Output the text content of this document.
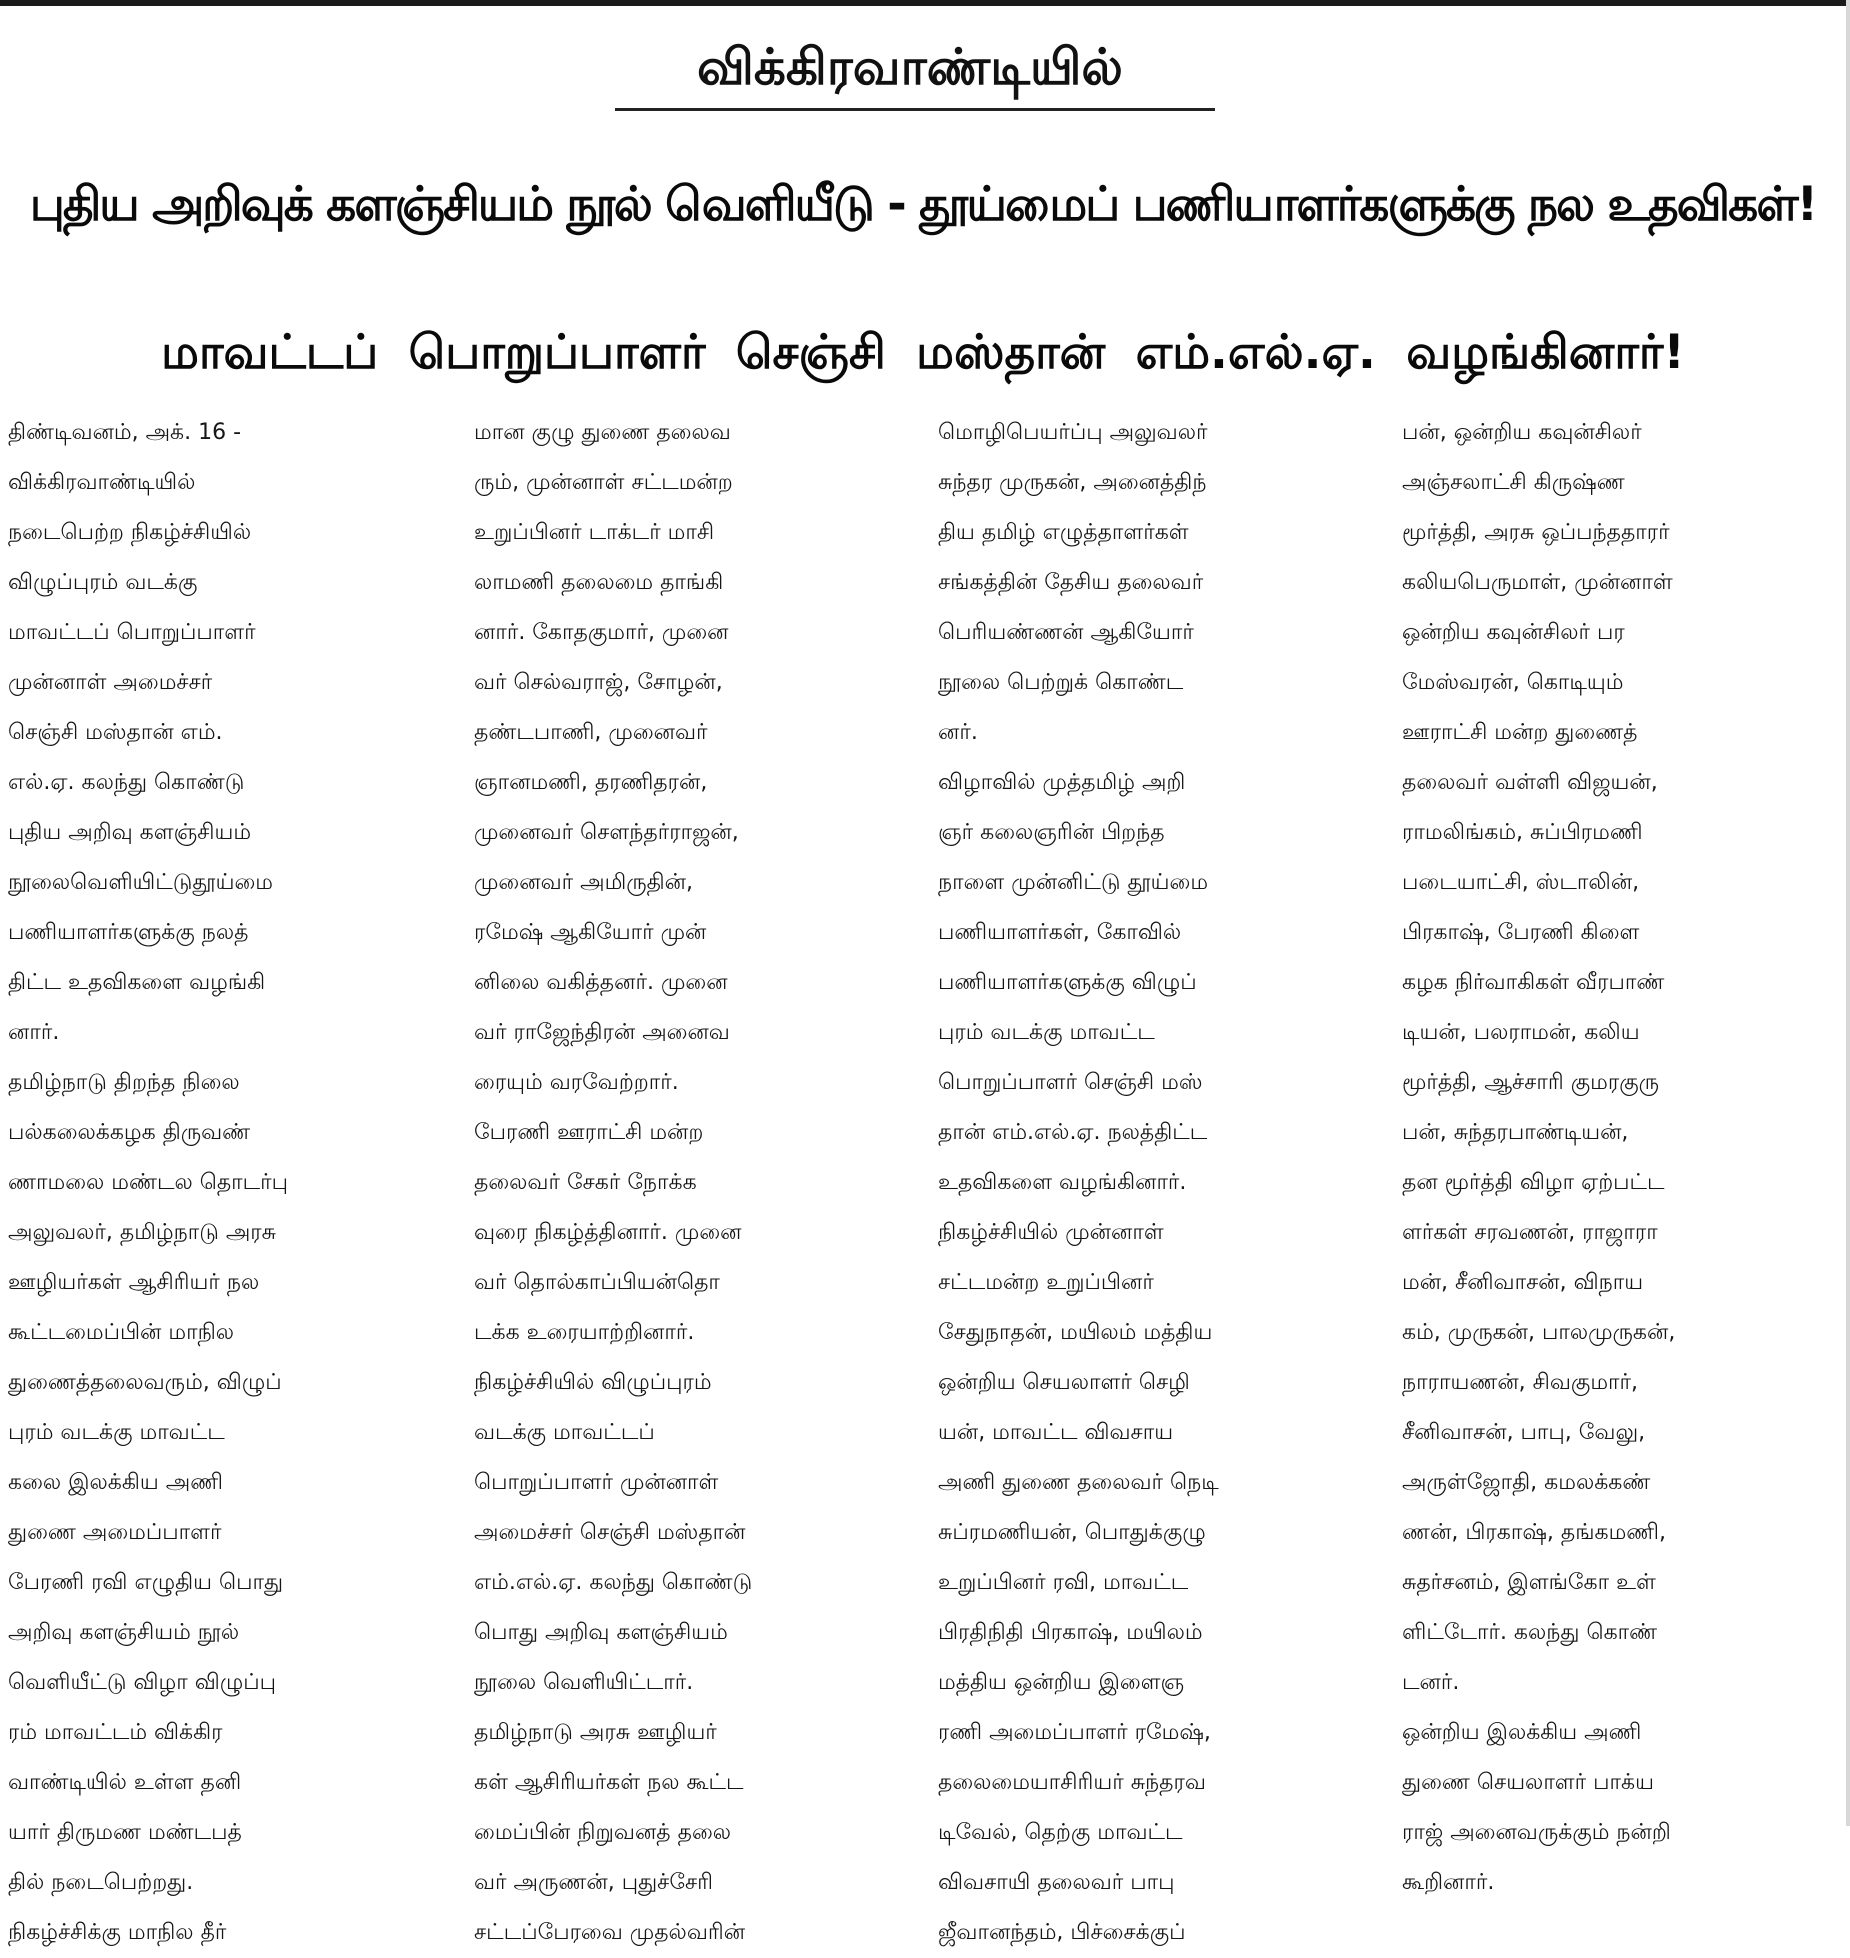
விக்கிரவாண்டியில்
புதிய அறிவுக் களஞ்சியம் நூல் வெளியீடு - தூய்மைப் பணியாளர்களுக்கு நல உதவிகள்!
மாவட்டப் பொறுப்பாளர் செஞ்சி மஸ்தான் எம்.எல்.ஏ. வழங்கினார்!
திண்டிவனம், அக். 16 -
விக்கிரவாண்டியில்
நடைபெற்ற நிகழ்ச்சியில்
விழுப்புரம் வடக்கு
மாவட்டப் பொறுப்பாளர்
முன்னாள் அமைச்சர்
செஞ்சி மஸ்தான் எம்.
எல்.ஏ. கலந்து கொண்டு
புதிய அறிவு களஞ்சியம்
நூலைவெளியிட்டுதூய்மை
பணியாளர்களுக்கு நலத்
திட்ட உதவிகளை வழங்கி
னார்.
தமிழ்நாடு திறந்த நிலை
பல்கலைக்கழக திருவண்
ணாமலை மண்டல தொடர்பு
அலுவலர், தமிழ்நாடு அரசு
ஊழியர்கள் ஆசிரியர் நல
கூட்டமைப்பின் மாநில
துணைத்தலைவரும், விழுப்
புரம் வடக்கு மாவட்ட
கலை இலக்கிய அணி
துணை அமைப்பாளர்
பேரணி ரவி எழுதிய பொது
அறிவு களஞ்சியம் நூல்
வெளியீட்டு விழா விழுப்பு
ரம் மாவட்டம் விக்கிர
வாண்டியில் உள்ள தனி
யார் திருமண மண்டபத்
தில் நடைபெற்றது.
நிகழ்ச்சிக்கு மாநில தீர்
மான குழு துணை தலைவ
ரும், முன்னாள் சட்டமன்ற
உறுப்பினர் டாக்டர் மாசி
லாமணி தலைமை தாங்கி
னார். கோதகுமார், முனை
வர் செல்வராஜ், சோழன்,
தண்டபாணி, முனைவர்
ஞானமணி, தரணிதரன்,
முனைவர் சௌந்தர்ராஜன்,
முனைவர் அமிருதின்,
ரமேஷ் ஆகியோர் முன்
னிலை வகித்தனர். முனை
வர் ராஜேந்திரன் அனைவ
ரையும் வரவேற்றார்.
பேரணி ஊராட்சி மன்ற
தலைவர் சேகர் நோக்க
வுரை நிகழ்த்தினார். முனை
வர் தொல்காப்பியன்தொ
டக்க உரையாற்றினார்.
நிகழ்ச்சியில் விழுப்புரம்
வடக்கு மாவட்டப்
பொறுப்பாளர் முன்னாள்
அமைச்சர் செஞ்சி மஸ்தான்
எம்.எல்.ஏ. கலந்து கொண்டு
பொது அறிவு களஞ்சியம்
நூலை வெளியிட்டார்.
தமிழ்நாடு அரசு ஊழியர்
கள் ஆசிரியர்கள் நல கூட்ட
மைப்பின் நிறுவனத் தலை
வர் அருணன், புதுச்சேரி
சட்டப்பேரவை முதல்வரின்
மொழிபெயர்ப்பு அலுவலர்
சுந்தர முருகன், அனைத்திந்
திய தமிழ் எழுத்தாளர்கள்
சங்கத்தின் தேசிய தலைவர்
பெரியண்ணன் ஆகியோர்
நூலை பெற்றுக் கொண்ட
னர்.
விழாவில் முத்தமிழ் அறி
ஞர் கலைஞரின் பிறந்த
நாளை முன்னிட்டு தூய்மை
பணியாளர்கள், கோவில்
பணியாளர்களுக்கு விழுப்
புரம் வடக்கு மாவட்ட
பொறுப்பாளர் செஞ்சி மஸ்
தான் எம்.எல்.ஏ. நலத்திட்ட
உதவிகளை வழங்கினார்.
நிகழ்ச்சியில் முன்னாள்
சட்டமன்ற உறுப்பினர்
சேதுநாதன், மயிலம் மத்திய
ஒன்றிய செயலாளர் செழி
யன், மாவட்ட விவசாய
அணி துணை தலைவர் நெடி
சுப்ரமணியன், பொதுக்குழு
உறுப்பினர் ரவி, மாவட்ட
பிரதிநிதி பிரகாஷ், மயிலம்
மத்திய ஒன்றிய இளைஞ
ரணி அமைப்பாளர் ரமேஷ்,
தலைமையாசிரியர் சுந்தரவ
டிவேல், தெற்கு மாவட்ட
விவசாயி தலைவர் பாபு
ஜீவானந்தம், பிச்சைக்குப்
பன், ஒன்றிய கவுன்சிலர்
அஞ்சலாட்சி கிருஷ்ண
மூர்த்தி, அரசு ஒப்பந்ததாரர்
கலியபெருமாள், முன்னாள்
ஒன்றிய கவுன்சிலர் பர
மேஸ்வரன், கொடியும்
ஊராட்சி மன்ற துணைத்
தலைவர் வள்ளி விஜயன்,
ராமலிங்கம், சுப்பிரமணி
படையாட்சி, ஸ்டாலின்,
பிரகாஷ், பேரணி கிளை
கழக நிர்வாகிகள் வீரபாண்
டியன், பலராமன், கலிய
மூர்த்தி, ஆச்சாரி குமரகுரு
பன், சுந்தரபாண்டியன்,
தன மூர்த்தி விழா ஏற்பட்ட
ளர்கள் சரவணன், ராஜாரா
மன், சீனிவாசன், விநாய
கம், முருகன், பாலமுருகன்,
நாராயணன், சிவகுமார்,
சீனிவாசன், பாபு, வேலு,
அருள்ஜோதி, கமலக்கண்
ணன், பிரகாஷ், தங்கமணி,
சுதர்சனம், இளங்கோ உள்
ளிட்டோர். கலந்து கொண்
டனர்.
ஒன்றிய இலக்கிய அணி
துணை செயலாளர் பாக்ய
ராஜ் அனைவருக்கும் நன்றி
கூறினார்.
